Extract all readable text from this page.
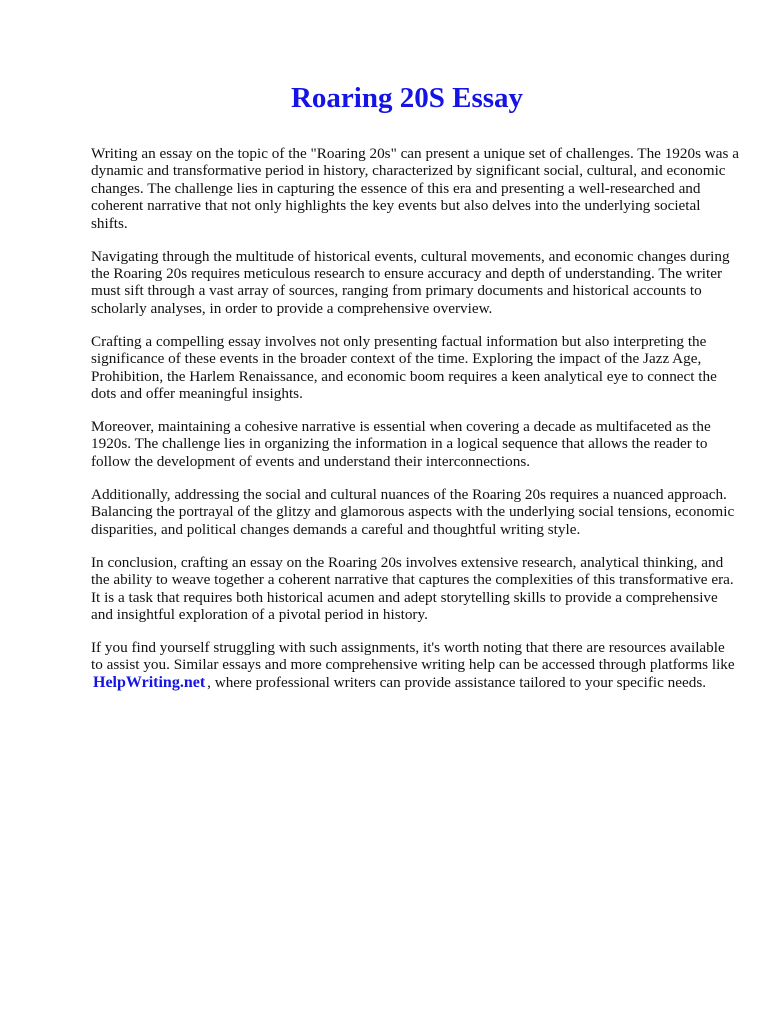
Roaring 20S Essay

Writing an essay on the topic of the "Roaring 20s" can present a unique set of challenges. The 1920s was a dynamic and transformative period in history, characterized by significant social, cultural, and economic changes. The challenge lies in capturing the essence of this era and presenting a well-researched and coherent narrative that not only highlights the key events but also delves into the underlying societal shifts.

Navigating through the multitude of historical events, cultural movements, and economic changes during the Roaring 20s requires meticulous research to ensure accuracy and depth of understanding. The writer must sift through a vast array of sources, ranging from primary documents and historical accounts to scholarly analyses, in order to provide a comprehensive overview.

Crafting a compelling essay involves not only presenting factual information but also interpreting the significance of these events in the broader context of the time. Exploring the impact of the Jazz Age, Prohibition, the Harlem Renaissance, and economic boom requires a keen analytical eye to connect the dots and offer meaningful insights.

Moreover, maintaining a cohesive narrative is essential when covering a decade as multifaceted as the 1920s. The challenge lies in organizing the information in a logical sequence that allows the reader to follow the development of events and understand their interconnections.

Additionally, addressing the social and cultural nuances of the Roaring 20s requires a nuanced approach. Balancing the portrayal of the glitzy and glamorous aspects with the underlying social tensions, economic disparities, and political changes demands a careful and thoughtful writing style.

In conclusion, crafting an essay on the Roaring 20s involves extensive research, analytical thinking, and the ability to weave together a coherent narrative that captures the complexities of this transformative era. It is a task that requires both historical acumen and adept storytelling skills to provide a comprehensive and insightful exploration of a pivotal period in history.

If you find yourself struggling with such assignments, it's worth noting that there are resources available to assist you. Similar essays and more comprehensive writing help can be accessed through platforms like HelpWriting.net , where professional writers can provide assistance tailored to your specific needs.
